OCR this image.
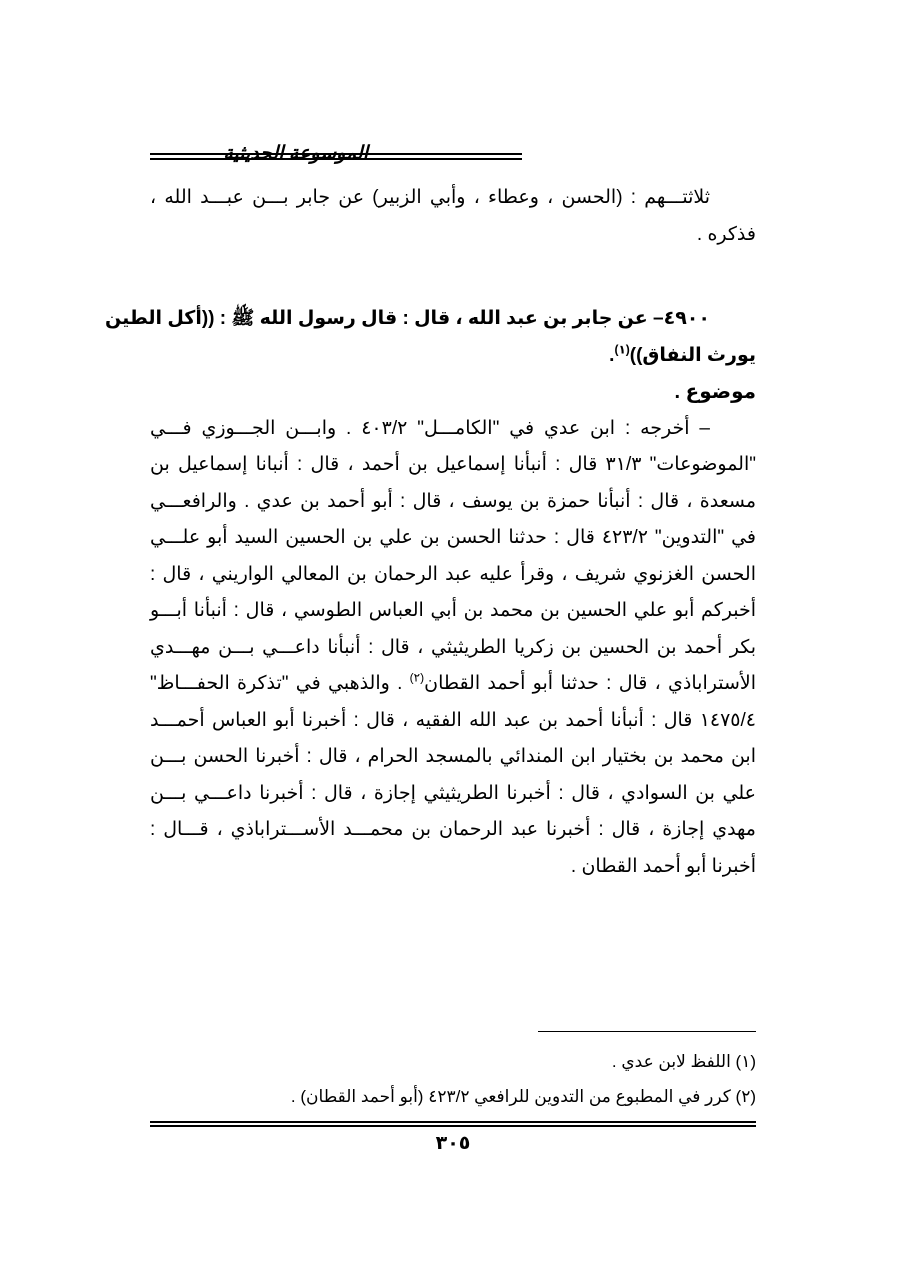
الموسوعة الحديثية
ثلاثتـــهم : (الحسن ، وعطاء ، وأبي الزبير) عن جابر بـــن عبـــد الله ،
فذكره .
٤٩٠٠– عن جابر بن عبد الله ، قال : قال رسول الله ﷺ : ((أكل الطين
يورث النفاق))$^{(١)}$.
موضوع .
– أخرجه : ابن عدي في "الكامـــل" ٤٠٣/٢ . وابـــن الجـــوزي فـــي
"الموضوعات" ٣١/٣ قال : أنبأنا إسماعيل بن أحمد ، قال : أنبانا إسماعيل بن
مسعدة ، قال : أنبأنا حمزة بن يوسف ، قال : أبو أحمد بن عدي . والرافعـــي
في "التدوين" ٤٢٣/٢ قال : حدثنا الحسن بن علي بن الحسين السيد أبو علـــي
الحسن الغزنوي شريف ، وقرأ عليه عبد الرحمان بن المعالي الواريني ، قال :
أخبركم أبو علي الحسين بن محمد بن أبي العباس الطوسي ، قال : أنبأنا أبـــو
بكر أحمد بن الحسين بن زكريا الطريثيثي ، قال : أنبأنا داعـــي بـــن مهـــدي
الأستراباذي ، قال : حدثنا أبو أحمد القطان$^{(٢)}$ . والذهبي في "تذكرة الحفـــاظ"
١٤٧٥/٤ قال : أنبأنا أحمد بن عبد الله الفقيه ، قال : أخبرنا أبو العباس أحمـــد
ابن محمد بن بختيار ابن المندائي بالمسجد الحرام ، قال : أخبرنا الحسن بـــن
علي بن السوادي ، قال : أخبرنا الطريثيثي إجازة ، قال : أخبرنا داعـــي بـــن
مهدي إجازة ، قال : أخبرنا عبد الرحمان بن محمـــد الأســـتراباذي ، قـــال :
أخبرنا أبو أحمد القطان .
(١) اللفظ لابن عدي .
(٢) كرر في المطبوع من التدوين للرافعي ٤٢٣/٢ (أبو أحمد القطان) .
٣٠٥
